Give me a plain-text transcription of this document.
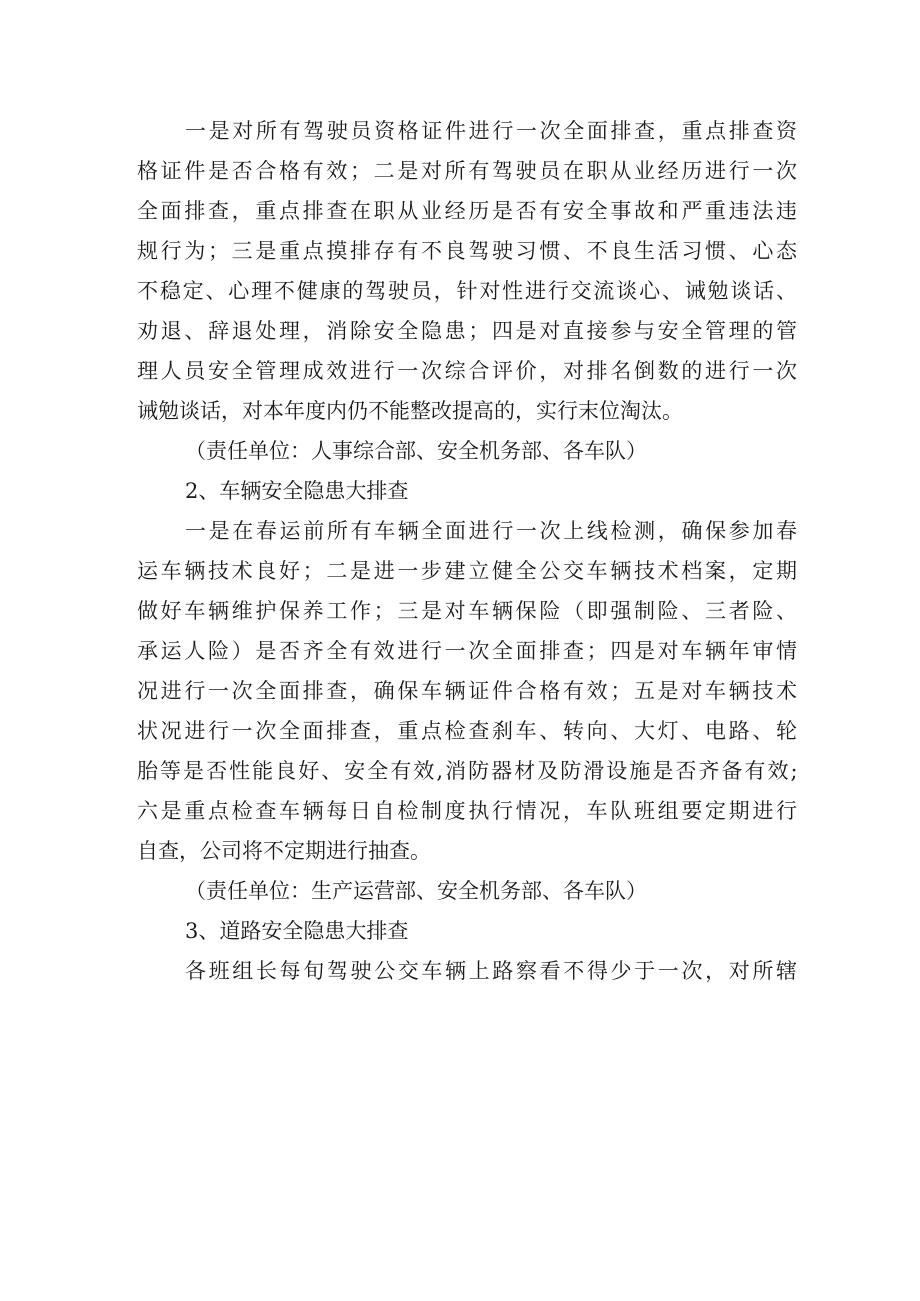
一是对所有驾驶员资格证件进行一次全面排查，重点排查资
格证件是否合格有效；二是对所有驾驶员在职从业经历进行一次
全面排查，重点排查在职从业经历是否有安全事故和严重违法违
规行为；三是重点摸排存有不良驾驶习惯、不良生活习惯、心态
不稳定、心理不健康的驾驶员，针对性进行交流谈心、诫勉谈话、
劝退、辞退处理，消除安全隐患；四是对直接参与安全管理的管
理人员安全管理成效进行一次综合评价，对排名倒数的进行一次
诫勉谈话，对本年度内仍不能整改提高的，实行末位淘汰。
（责任单位：人事综合部、安全机务部、各车队）
2、车辆安全隐患大排查
一是在春运前所有车辆全面进行一次上线检测，确保参加春
运车辆技术良好；二是进一步建立健全公交车辆技术档案，定期
做好车辆维护保养工作；三是对车辆保险（即强制险、三者险、
承运人险）是否齐全有效进行一次全面排查；四是对车辆年审情
况进行一次全面排查，确保车辆证件合格有效；五是对车辆技术
状况进行一次全面排查，重点检查刹车、转向、大灯、电路、轮
胎等是否性能良好、安全有效,消防器材及防滑设施是否齐备有效;
六是重点检查车辆每日自检制度执行情况，车队班组要定期进行
自查，公司将不定期进行抽查。
（责任单位：生产运营部、安全机务部、各车队）
3、道路安全隐患大排查
各班组长每旬驾驶公交车辆上路察看不得少于一次，对所辖
